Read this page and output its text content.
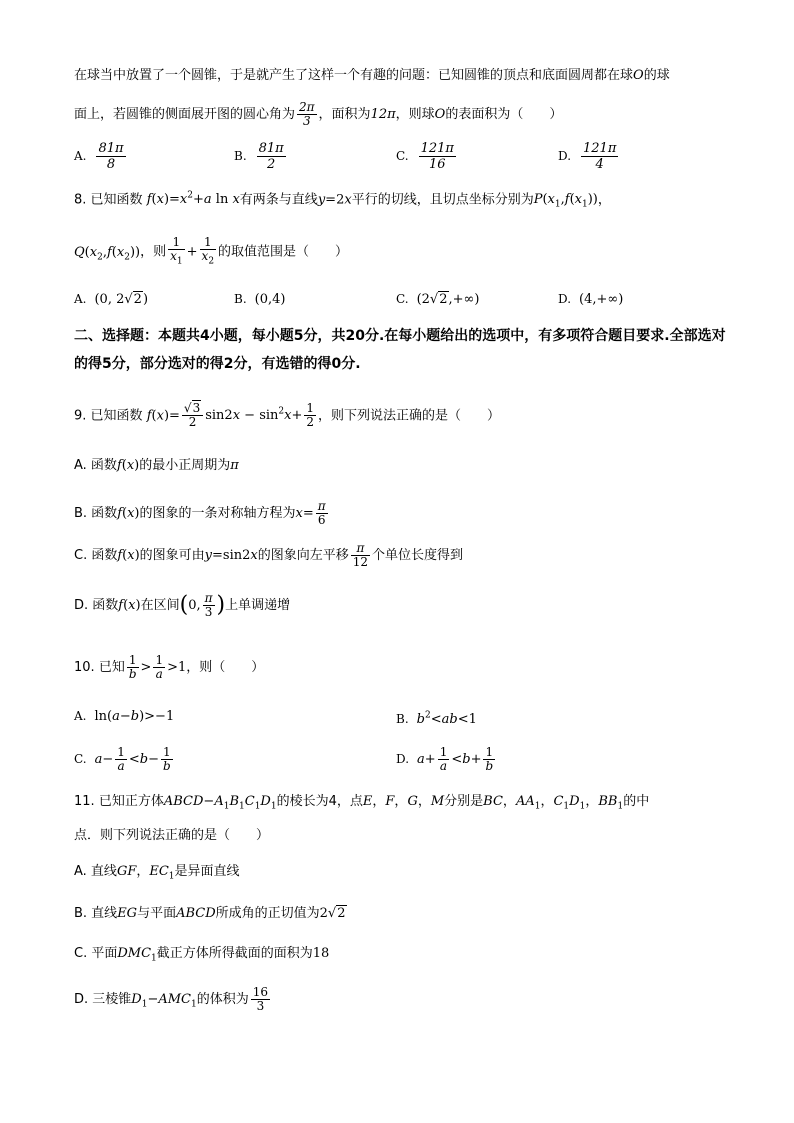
在球当中放置了一个圆锥，于是就产生了这样一个有趣的问题：已知圆锥的顶点和底面圆周都在球O的球
面上，若圆锥的侧面展开图的圆心角为 $\frac{2\pi}{3}$ ，面积为12π，则球O的表面积为（　　）
A. $\frac{81\pi}{8}$	B. $\frac{81\pi}{2}$	C. $\frac{121\pi}{16}$	D. $\frac{121\pi}{4}$
8. 已知函数 $f(x)=x^2+a$ ln x有两条与直线y=2x平行的切线，且切点坐标分别为$P(x_1,f(x_1))$，
$Q(x_2,f(x_2))$，则 $\frac{1}{x_1} + \frac{1}{x_2}$ 的取值范围是（　　）
A. (0, 2√2)	B. (0,4)	C. (2√2,+∞)	D. (4,+∞)
二、选择题：本题共4小题，每小题5分，共20分.在每小题给出的选项中，有多项符合题目要求.全部选对的得5分，部分选对的得2分，有选错的得0分.
9. 已知函数 $f(x)= \frac{√3}{2} \sin 2x - \sin^2x+ \frac{1}{2}$ ，则下列说法正确的是（　　）
A. 函数f(x)的最小正周期为π
B. 函数f(x)的图象的一条对称轴方程为$x= \frac{\pi}{6}$
C. 函数f(x)的图象可由y=sin2x的图象向左平移 $\frac{\pi}{12}$ 个单位长度得到
D. 函数f(x)在区间(0, $\frac{\pi}{3}$ )上单调递增
10. 已知 $\frac{1}{b} > \frac{1}{a} >1$，则（　　）
A. ln(a−b)>−1	B. $b^2<ab<1$
C. $a- \frac{1}{a} <b- \frac{1}{b}$	D. $a+ \frac{1}{a} <b+ \frac{1}{b}$
11. 已知正方体$ABCD-A_1B_1C_1D_1$的棱长为4，点E，F，G，M分别是BC，$AA_1$，$C_1D_1$，$BB_1$的中
点．则下列说法正确的是（　　）
A. 直线GF，$EC_1$是异面直线
B. 直线EG与平面ABCD所成角的正切值为2√2
C. 平面$DMC_1$截正方体所得截面的面积为18
D. 三棱锥$D_1-AMC_1$的体积为 $\frac{16}{3}$
